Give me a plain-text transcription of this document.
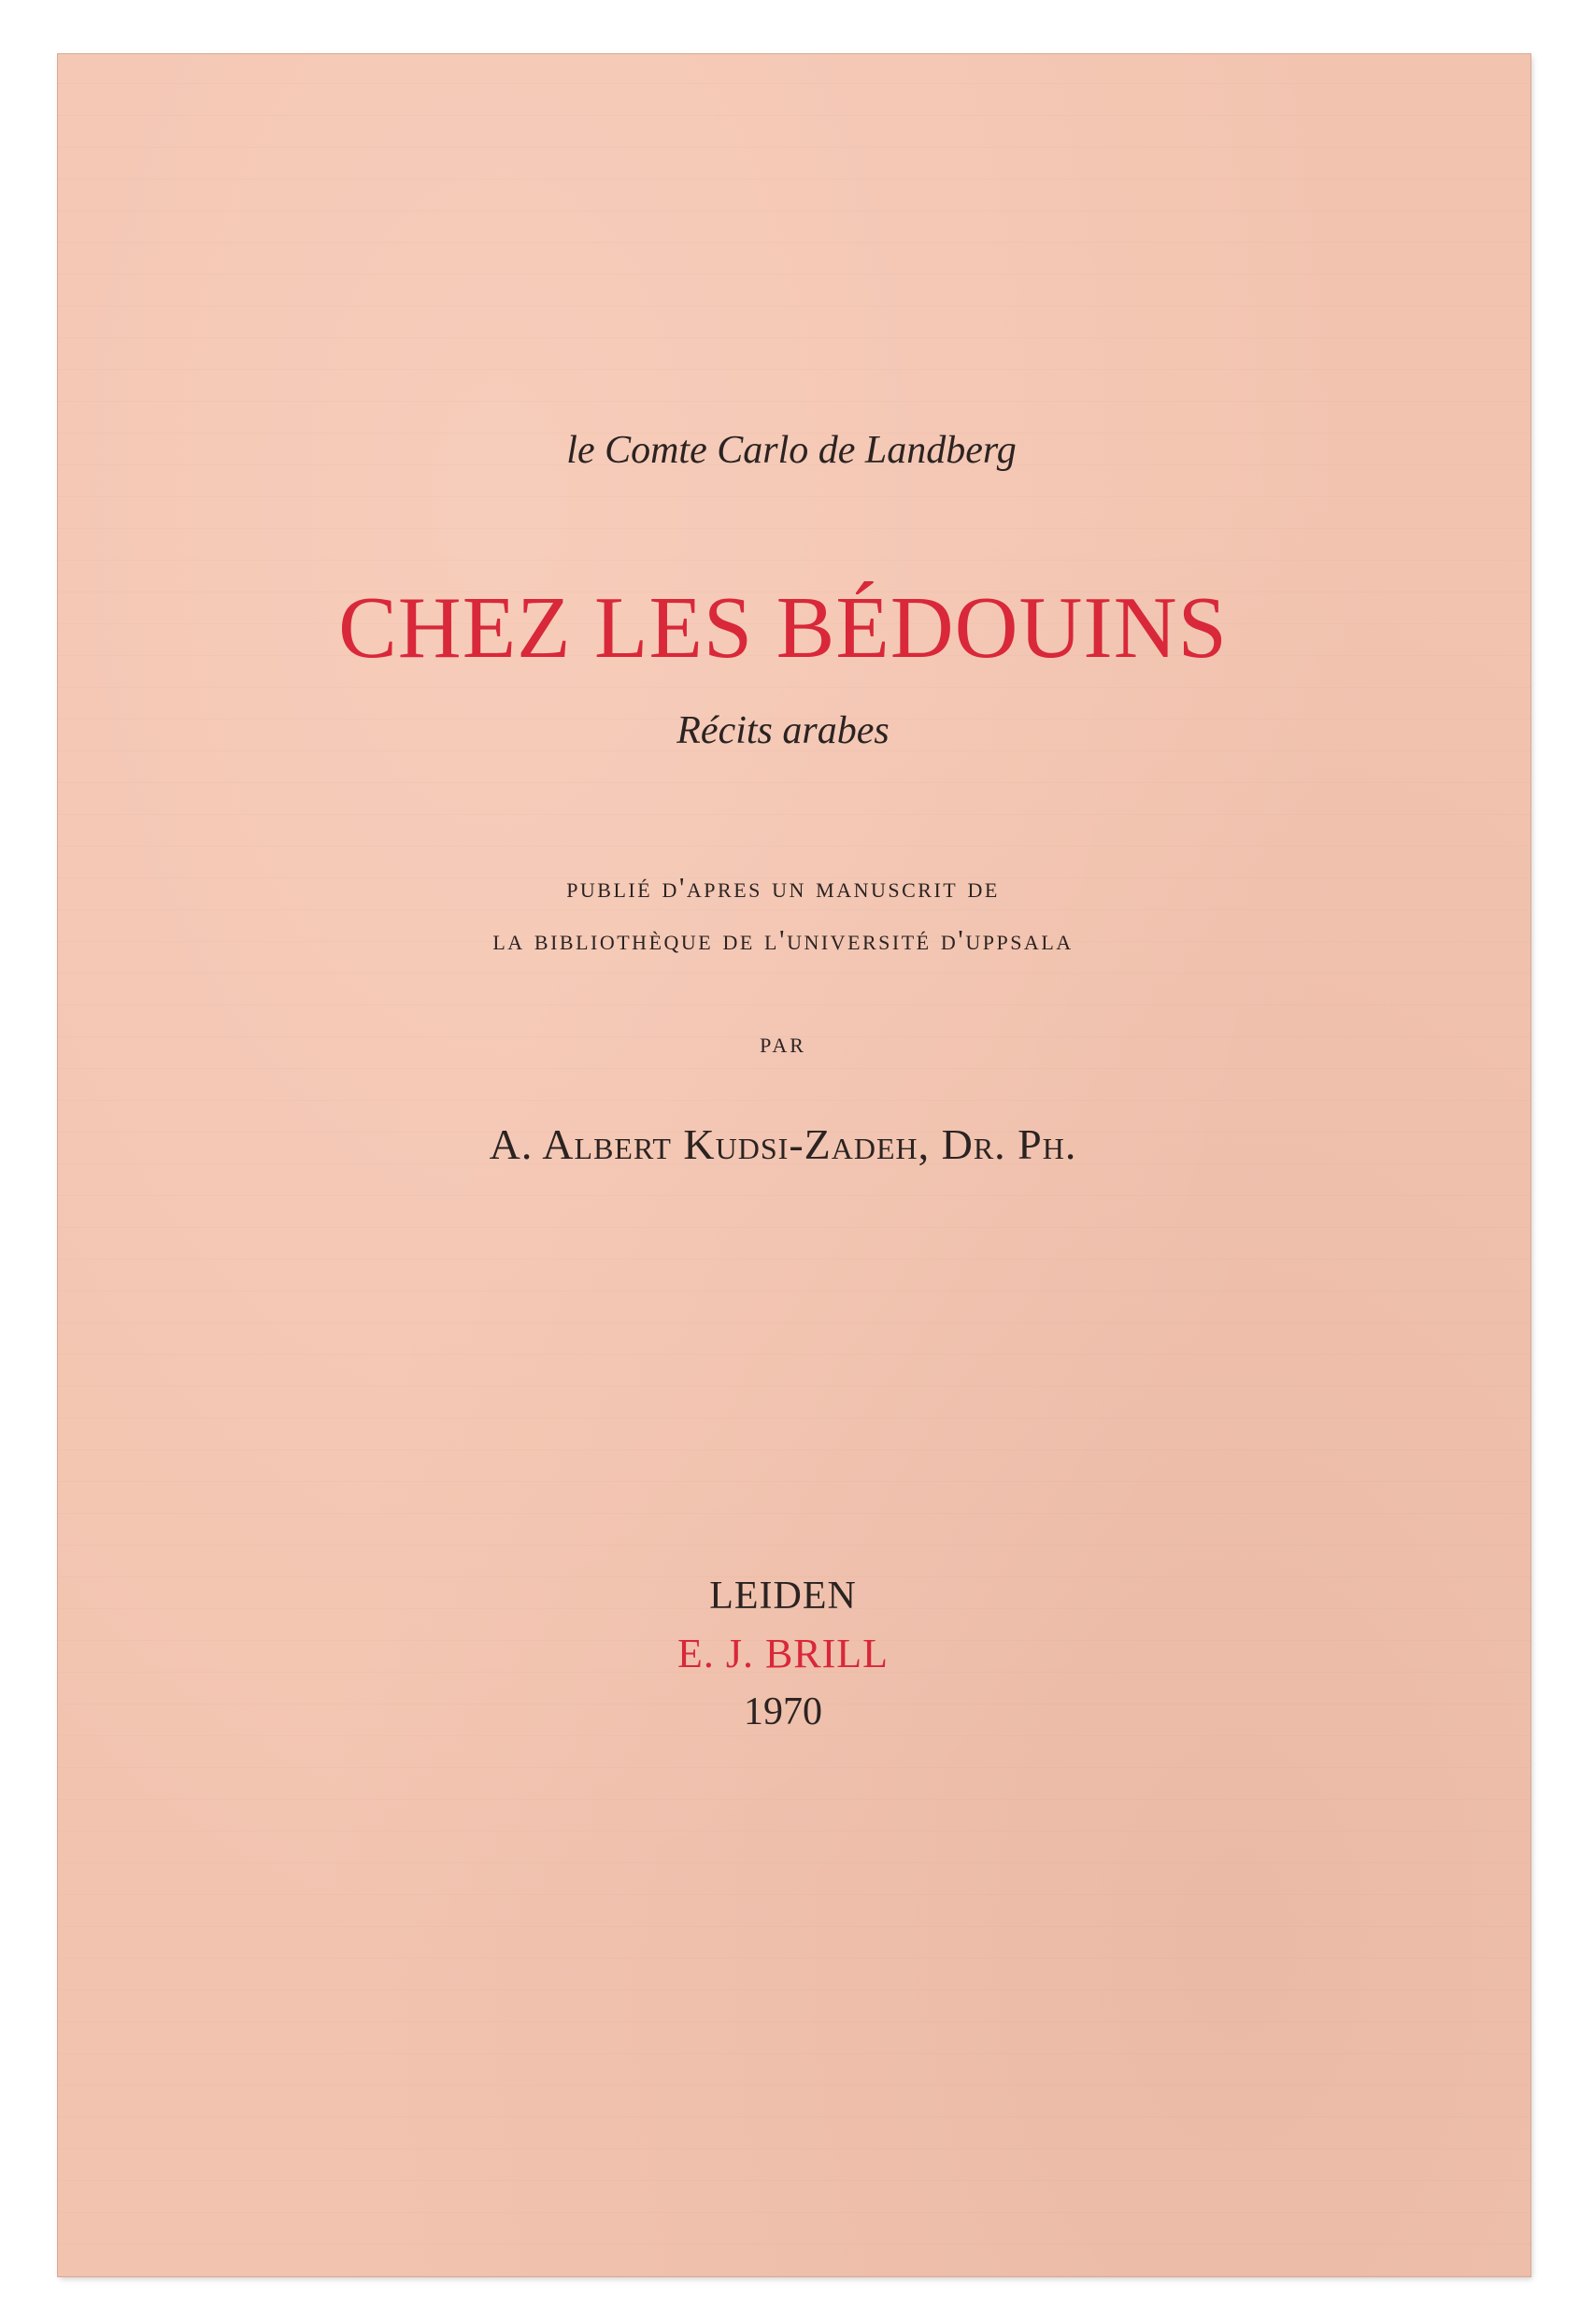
le Comte Carlo de Landberg
CHEZ LES BÉDOUINS
Récits arabes
publié d'apres un manuscrit de
la bibliothèque de l'université d'uppsala
par
A. Albert Kudsi-Zadeh, Dr. Ph.
LEIDEN
E. J. BRILL
1970
